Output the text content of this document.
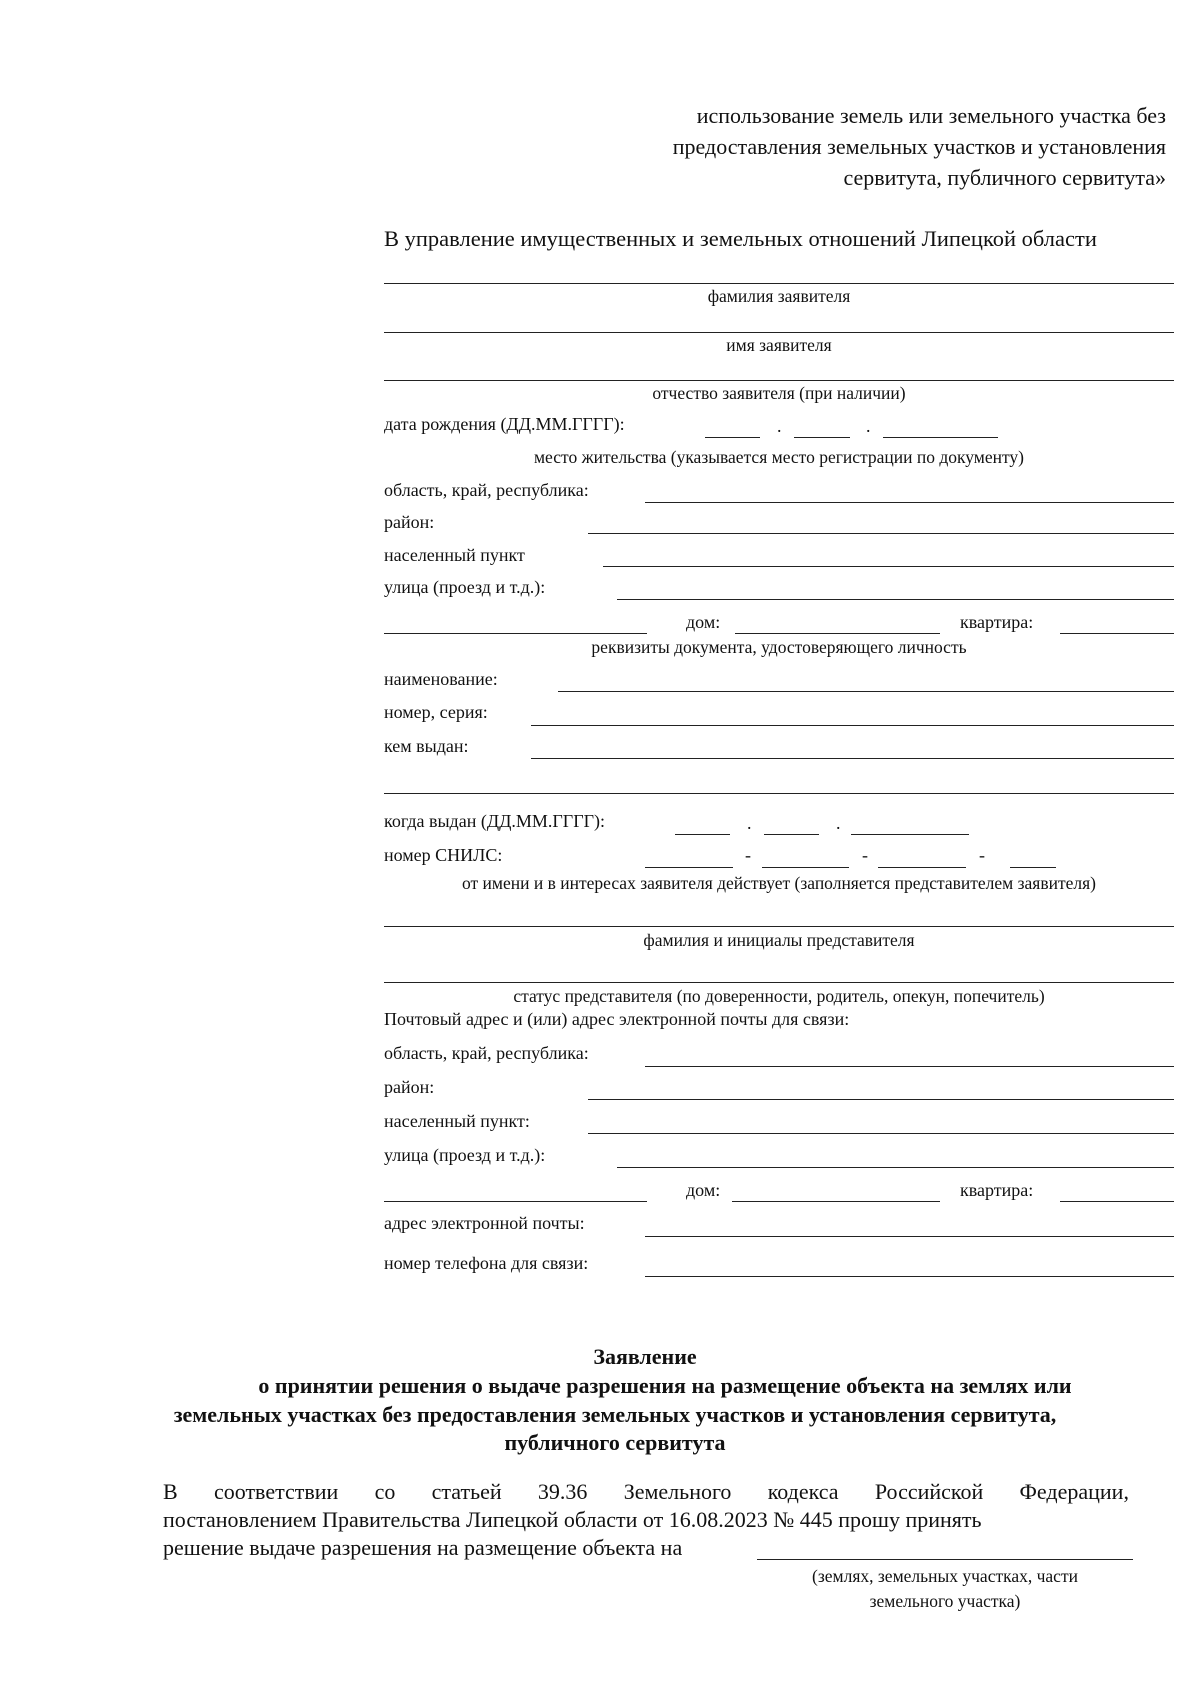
использование земель или земельного участка без
предоставления земельных участков и установления
сервитута, публичного сервитута»
В управление имущественных и земельных отношений Липецкой области
фамилия заявителя
имя заявителя
отчество заявителя (при наличии)
дата рождения (ДД.ММ.ГГГГ):	.	.
место жительства (указывается место регистрации по документу)
область, край, республика:
район:
населенный пункт
улица (проезд и т.д.):
дом:	квартира:
реквизиты документа, удостоверяющего личность
наименование:
номер, серия:
кем выдан:
когда выдан (ДД.ММ.ГГГГ):	.	.
номер СНИЛС:	-	-	-
от имени и в интересах заявителя действует (заполняется представителем заявителя)
фамилия и инициалы представителя
статус представителя (по доверенности, родитель, опекун, попечитель)
Почтовый адрес и (или) адрес электронной почты для связи:
область, край, республика:
район:
населенный пункт:
улица (проезд и т.д.):
дом:	квартира:
адрес электронной почты:
номер телефона для связи:
Заявление
о принятии решения о выдаче разрешения на размещение объекта на землях или
земельных участках без предоставления земельных участков и установления сервитута,
публичного сервитута
В соответствии со статьей 39.36 Земельного кодекса Российской Федерации,
постановлением Правительства Липецкой области от 16.08.2023 № 445 прошу принять
решение выдаче разрешения на размещение объекта на
(землях, земельных участках, части
земельного участка)
